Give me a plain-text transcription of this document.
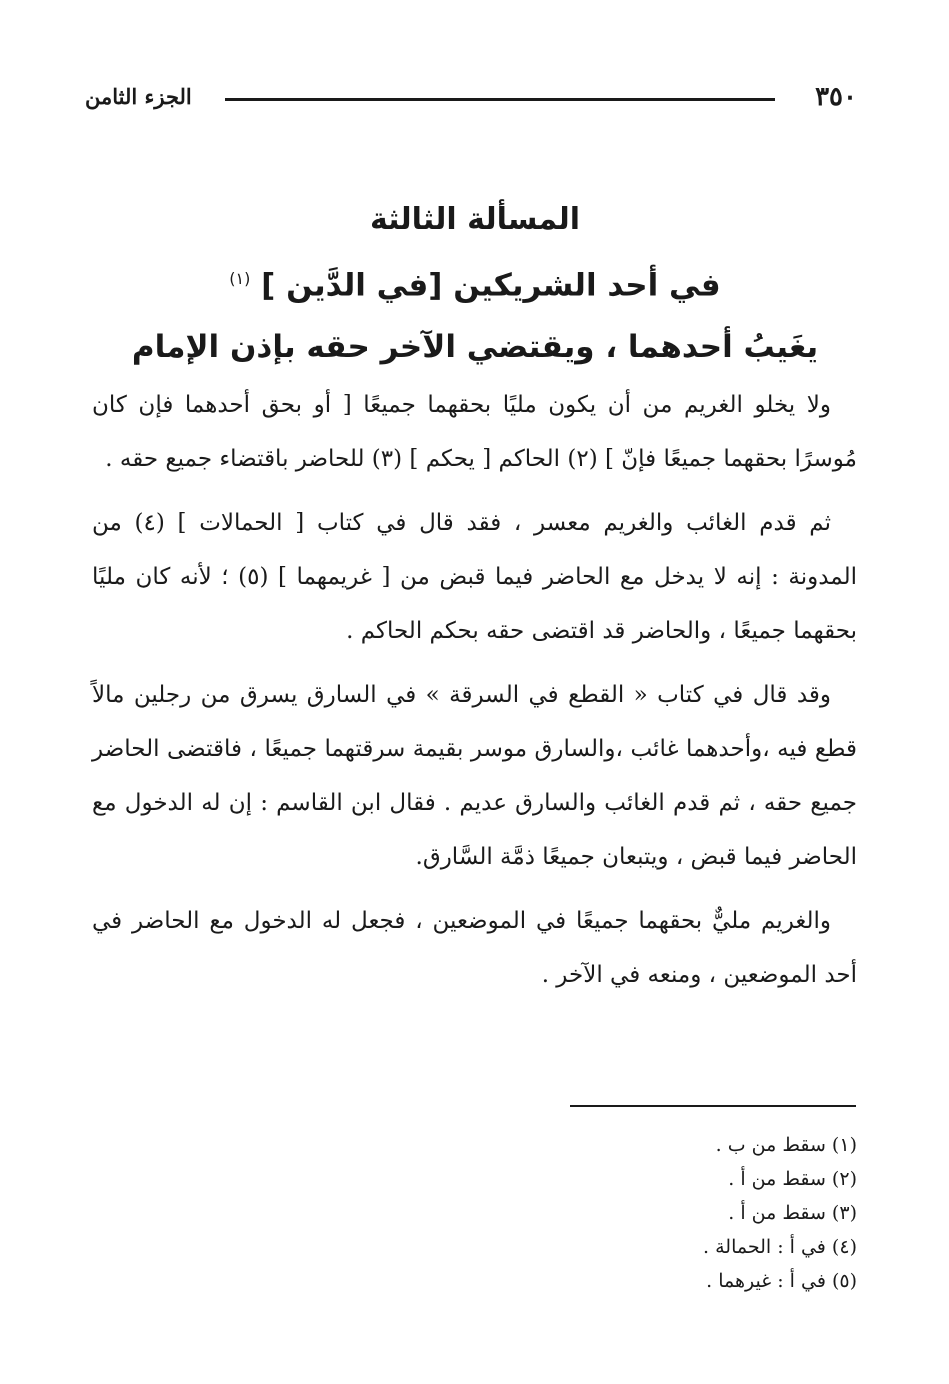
٣٥٠
الجزء الثامن
المسألة الثالثة
في أحد الشريكين [في الدَّين ] $^{(١)}$
يغَيبُ أحدهما ، ويقتضي الآخر حقه بإذن الإمام

ولا يخلو الغريم من أن يكون مليًا بحقهما جميعًا [ أو بحق أحدهما فإن كان مُوسرًا بحقهما جميعًا فإنّ ] (٢) الحاكم [ يحكم ] (٣) للحاضر باقتضاء جميع حقه .

ثم قدم الغائب والغريم معسر ، فقد قال في كتاب [ الحمالات ] (٤) من المدونة : إنه لا يدخل مع الحاضر فيما قبض من [ غريمهما ] (٥) ؛ لأنه كان مليًا بحقهما جميعًا ، والحاضر قد اقتضى حقه بحكم الحاكم .

وقد قال في كتاب « القطع في السرقة » في السارق يسرق من رجلين مالاً قطع فيه ،وأحدهما غائب ،والسارق موسر بقيمة سرقتهما جميعًا ، فاقتضى الحاضر جميع حقه ، ثم قدم الغائب والسارق عديم . فقال ابن القاسم : إن له الدخول مع الحاضر فيما قبض ، ويتبعان جميعًا ذمَّة السَّارق.

والغريم مليٌّ بحقهما جميعًا في الموضعين ، فجعل له الدخول مع الحاضر في أحد الموضعين ، ومنعه في الآخر .

(١) سقط من ب .
(٢) سقط من أ .
(٣) سقط من أ .
(٤) في أ : الحمالة .
(٥) في أ : غيرهما .
